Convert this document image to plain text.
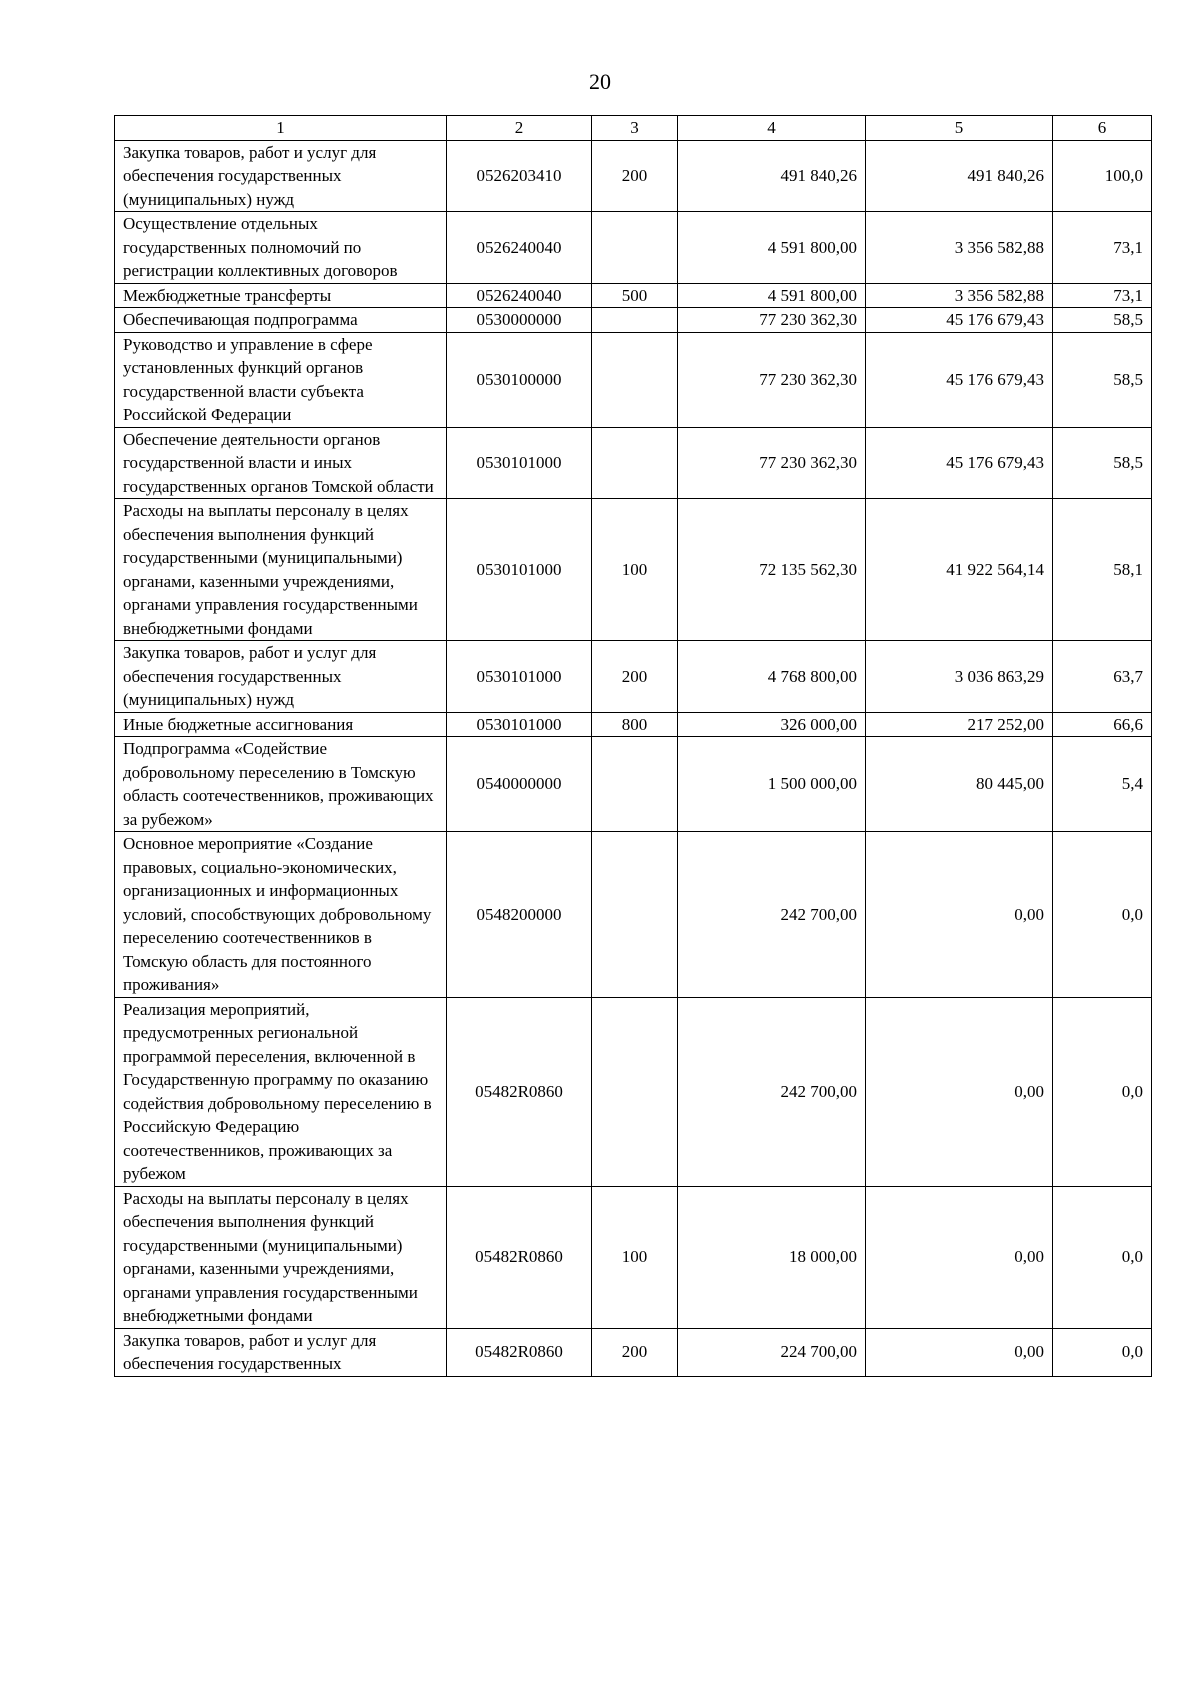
20
1	2	3	4	5	6
Закупка товаров, работ и услуг для обеспечения государственных (муниципальных) нужд	0526203410	200	491 840,26	491 840,26	100,0
Осуществление отдельных государственных полномочий по регистрации коллективных договоров	0526240040		4 591 800,00	3 356 582,88	73,1
Межбюджетные трансферты	0526240040	500	4 591 800,00	3 356 582,88	73,1
Обеспечивающая подпрограмма	0530000000		77 230 362,30	45 176 679,43	58,5
Руководство и управление в сфере установленных функций органов государственной власти субъекта Российской Федерации	0530100000		77 230 362,30	45 176 679,43	58,5
Обеспечение деятельности органов государственной власти и иных государственных органов Томской области	0530101000		77 230 362,30	45 176 679,43	58,5
Расходы на выплаты персоналу в целях обеспечения выполнения функций государственными (муниципальными) органами, казенными учреждениями, органами управления государственными внебюджетными фондами	0530101000	100	72 135 562,30	41 922 564,14	58,1
Закупка товаров, работ и услуг для обеспечения государственных (муниципальных) нужд	0530101000	200	4 768 800,00	3 036 863,29	63,7
Иные бюджетные ассигнования	0530101000	800	326 000,00	217 252,00	66,6
Подпрограмма «Содействие добровольному переселению в Томскую область соотечественников, проживающих за рубежом»	0540000000		1 500 000,00	80 445,00	5,4
Основное мероприятие «Создание правовых, социально-экономических, организационных и информационных условий, способствующих добровольному переселению соотечественников в Томскую область для постоянного проживания»	0548200000		242 700,00	0,00	0,0
Реализация мероприятий, предусмотренных региональной программой переселения, включенной в Государственную программу по оказанию содействия добровольному переселению в Российскую Федерацию соотечественников, проживающих за рубежом	05482R0860		242 700,00	0,00	0,0
Расходы на выплаты персоналу в целях обеспечения выполнения функций государственными (муниципальными) органами, казенными учреждениями, органами управления государственными внебюджетными фондами	05482R0860	100	18 000,00	0,00	0,0
Закупка товаров, работ и услуг для обеспечения государственных	05482R0860	200	224 700,00	0,00	0,0
